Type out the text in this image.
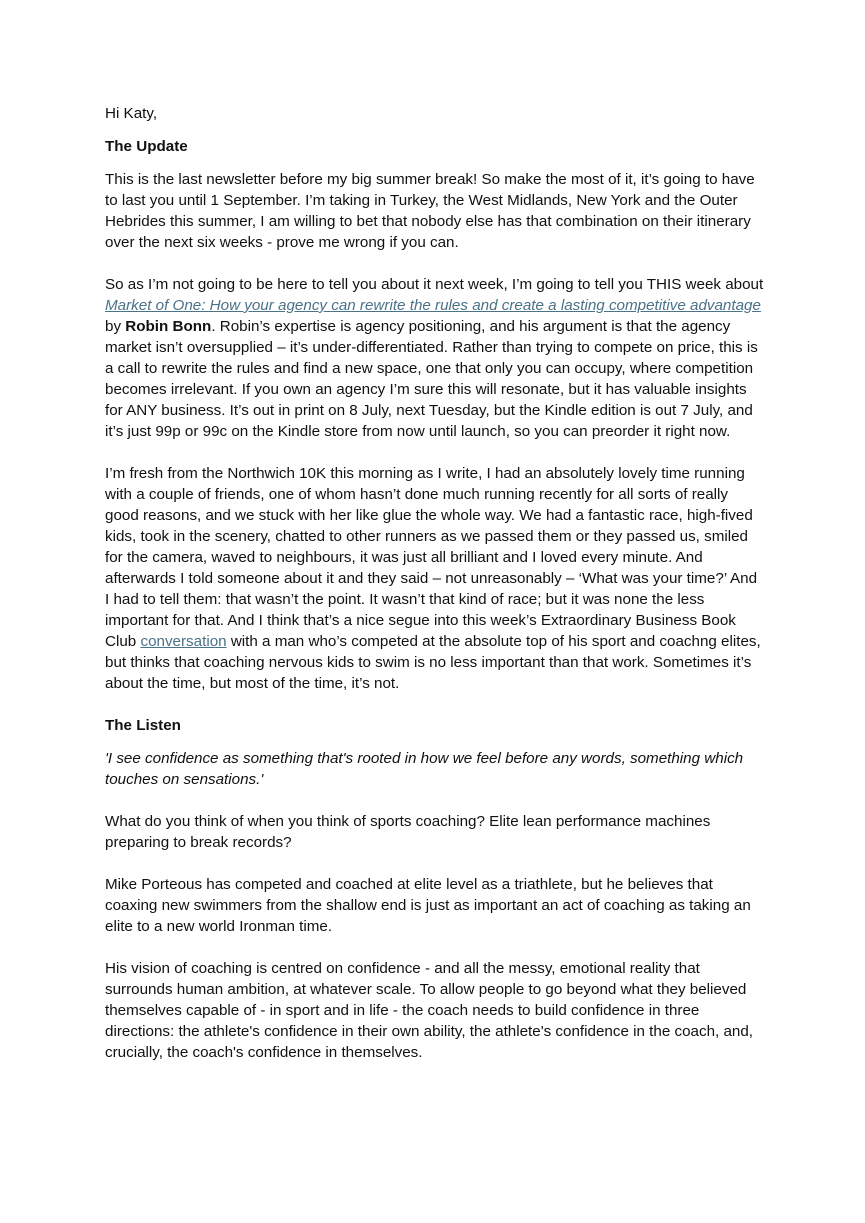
Hi Katy,

The Update

This is the last newsletter before my big summer break! So make the most of it, it’s going to have to last you until 1 September. I’m taking in Turkey, the West Midlands, New York and the Outer Hebrides this summer, I am willing to bet that nobody else has that combination on their itinerary over the next six weeks - prove me wrong if you can.

So as I’m not going to be here to tell you about it next week, I’m going to tell you THIS week about Market of One: How your agency can rewrite the rules and create a lasting competitive advantage by Robin Bonn. Robin’s expertise is agency positioning, and his argument is that the agency market isn’t oversupplied – it’s under-differentiated. Rather than trying to compete on price, this is a call to rewrite the rules and find a new space, one that only you can occupy, where competition becomes irrelevant. If you own an agency I’m sure this will resonate, but it has valuable insights for ANY business. It’s out in print on 8 July, next Tuesday, but the Kindle edition is out 7 July, and it’s just 99p or 99c on the Kindle store from now until launch, so you can preorder it right now.

I’m fresh from the Northwich 10K this morning as I write, I had an absolutely lovely time running with a couple of friends, one of whom hasn’t done much running recently for all sorts of really good reasons, and we stuck with her like glue the whole way. We had a fantastic race, high-fived kids, took in the scenery, chatted to other runners as we passed them or they passed us, smiled for the camera, waved to neighbours, it was just all brilliant and I loved every minute. And afterwards I told someone about it and they said – not unreasonably – ‘What was your time?’ And I had to tell them: that wasn’t the point. It wasn’t that kind of race; but it was none the less important for that. And I think that’s a nice segue into this week’s Extraordinary Business Book Club conversation with a man who’s competed at the absolute top of his sport and coachng elites, but thinks that coaching nervous kids to swim is no less important than that work. Sometimes it’s about the time, but most of the time, it’s not.

The Listen

'I see confidence as something that's rooted in how we feel before any words, something which touches on sensations.'

What do you think of when you think of sports coaching? Elite lean performance machines preparing to break records?

Mike Porteous has competed and coached at elite level as a triathlete, but he believes that coaxing new swimmers from the shallow end is just as important an act of coaching as taking an elite to a new world Ironman time.

His vision of coaching is centred on confidence - and all the messy, emotional reality that surrounds human ambition, at whatever scale. To allow people to go beyond what they believed themselves capable of - in sport and in life - the coach needs to build confidence in three directions: the athlete's confidence in their own ability, the athlete's confidence in the coach, and, crucially, the coach's confidence in themselves.
